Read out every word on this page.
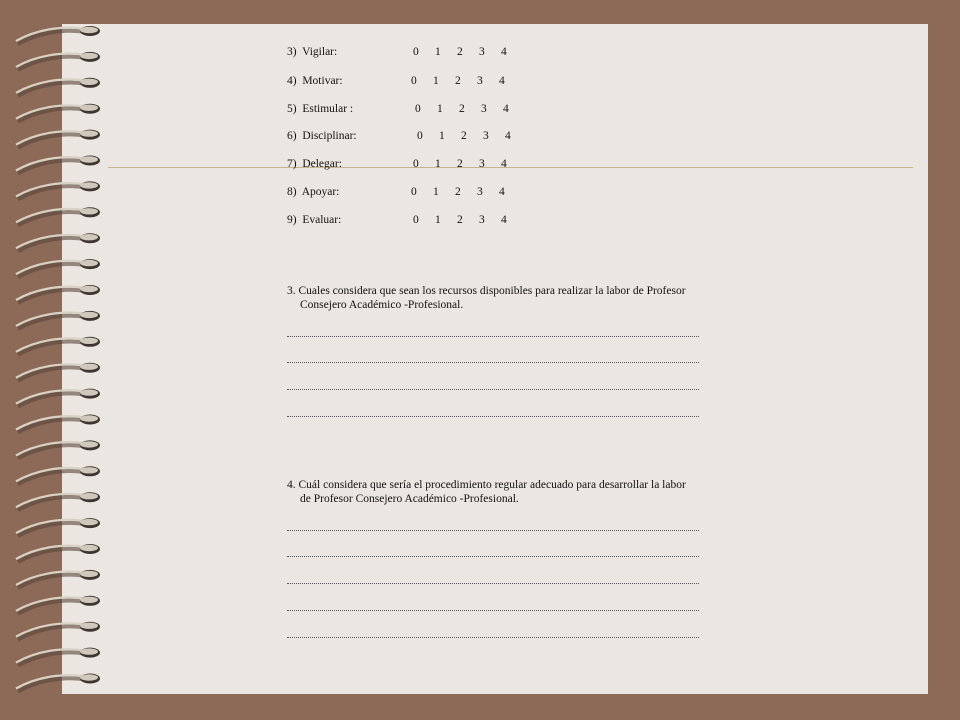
3)  Vigilar:	0 1 2 3 4
4)  Motivar:	0 1 2 3 4
5)  Estimular :	0 1 2 3 4
6)  Disciplinar:	0 1 2 3 4
7)  Delegar:	0 1 2 3 4
8)  Apoyar:	0 1 2 3 4
9)  Evaluar:	0 1 2 3 4
3. Cuales considera que sean los recursos disponibles para realizar la labor de Profesor
Consejero Académico -Profesional.
4. Cuál considera que sería el procedimiento regular adecuado para desarrollar la labor
de Profesor Consejero Académico -Profesional.
